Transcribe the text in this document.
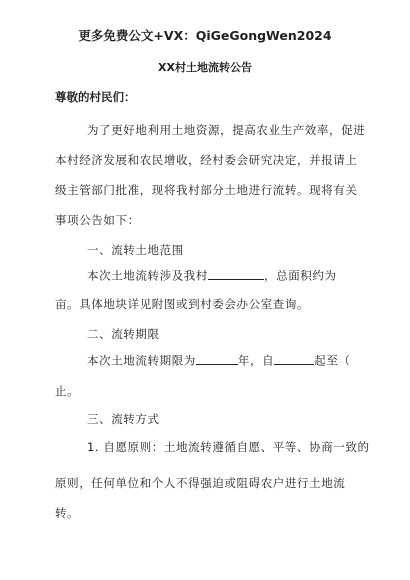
更多免费公文+VX：QiGeGongWen2024
XX村土地流转公告
尊敬的村民们：
为了更好地利用土地资源，提高农业生产效率，促进
本村经济发展和农民增收，经村委会研究决定，并报请上
级主管部门批准，现将我村部分土地进行流转。现将有关
事项公告如下：
一、流转土地范围
本次土地流转涉及我村	，总面积约为
亩。具体地块详见附图或到村委会办公室查询。
二、流转期限
本次土地流转期限为	年，自	起至（
止。
三、流转方式
1. 自愿原则：土地流转遵循自愿、平等、协商一致的
原则，任何单位和个人不得强迫或阻碍农户进行土地流
转。
